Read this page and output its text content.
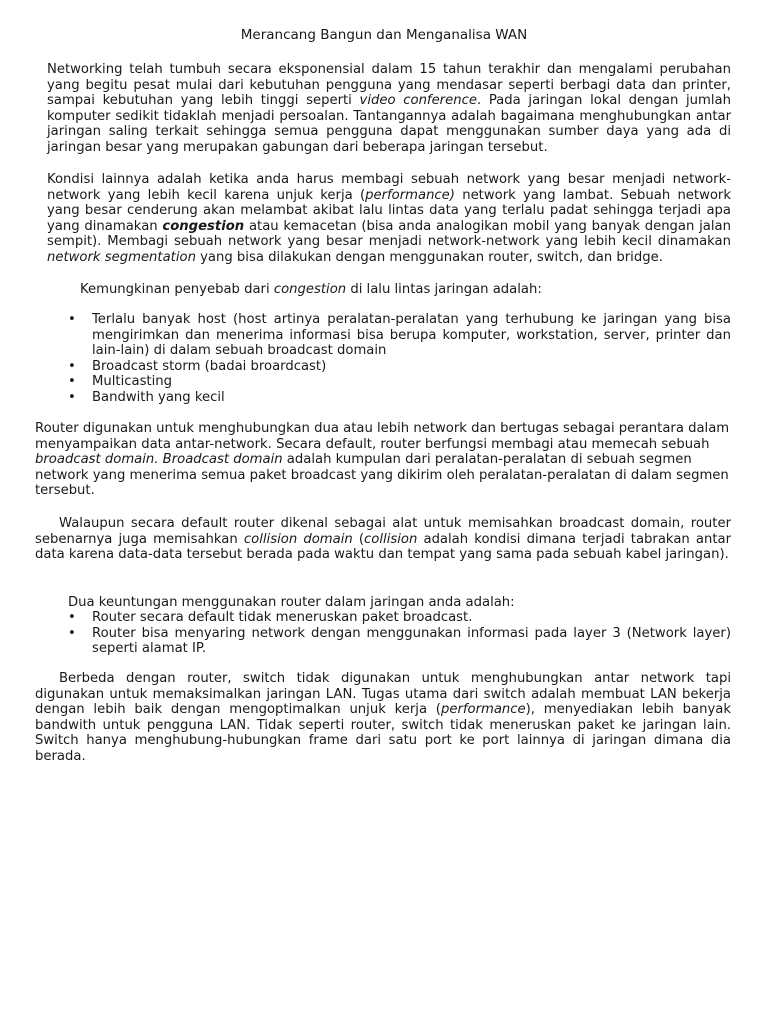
Merancang Bangun dan Menganalisa WAN

Networking telah tumbuh secara eksponensial dalam 15 tahun terakhir dan mengalami perubahan yang begitu pesat mulai dari kebutuhan pengguna yang mendasar seperti berbagi data dan printer, sampai kebutuhan yang lebih tinggi seperti video conference. Pada jaringan lokal dengan jumlah komputer sedikit tidaklah menjadi persoalan. Tantangannya adalah bagaimana menghubungkan antar jaringan saling terkait sehingga semua pengguna dapat menggunakan sumber daya yang ada di jaringan besar yang merupakan gabungan dari beberapa jaringan tersebut.

Kondisi lainnya adalah ketika anda harus membagi sebuah network yang besar menjadi network-network yang lebih kecil karena unjuk kerja (performance) network yang lambat. Sebuah network yang besar cenderung akan melambat akibat lalu lintas data yang terlalu padat sehingga terjadi apa yang dinamakan congestion atau kemacetan (bisa anda analogikan mobil yang banyak dengan jalan sempit). Membagi sebuah network yang besar menjadi network-network yang lebih kecil dinamakan network segmentation yang bisa dilakukan dengan menggunakan router, switch, dan bridge.

Kemungkinan penyebab dari congestion di lalu lintas jaringan adalah:

• Terlalu banyak host (host artinya peralatan-peralatan yang terhubung ke jaringan yang bisa mengirimkan dan menerima informasi bisa berupa komputer, workstation, server, printer dan lain-lain) di dalam sebuah broadcast domain
• Broadcast storm (badai broardcast)
• Multicasting
• Bandwith yang kecil

Router digunakan untuk menghubungkan dua atau lebih network dan bertugas sebagai perantara dalam menyampaikan data antar-network. Secara default, router berfungsi membagi atau memecah sebuah broadcast domain. Broadcast domain adalah kumpulan dari peralatan-peralatan di sebuah segmen network yang menerima semua paket broadcast yang dikirim oleh peralatan-peralatan di dalam segmen tersebut.

Walaupun secara default router dikenal sebagai alat untuk memisahkan broadcast domain, router sebenarnya juga memisahkan collision domain (collision adalah kondisi dimana terjadi tabrakan antar data karena data-data tersebut berada pada waktu dan tempat yang sama pada sebuah kabel jaringan).

Dua keuntungan menggunakan router dalam jaringan anda adalah:

• Router secara default tidak meneruskan paket broadcast.
• Router bisa menyaring network dengan menggunakan informasi pada layer 3 (Network layer) seperti alamat IP.

Berbeda dengan router, switch tidak digunakan untuk menghubungkan antar network tapi digunakan untuk memaksimalkan jaringan LAN. Tugas utama dari switch adalah membuat LAN bekerja dengan lebih baik dengan mengoptimalkan unjuk kerja (performance), menyediakan lebih banyak bandwith untuk pengguna LAN. Tidak seperti router, switch tidak meneruskan paket ke jaringan lain. Switch hanya menghubung-hubungkan frame dari satu port ke port lainnya di jaringan dimana dia berada.
